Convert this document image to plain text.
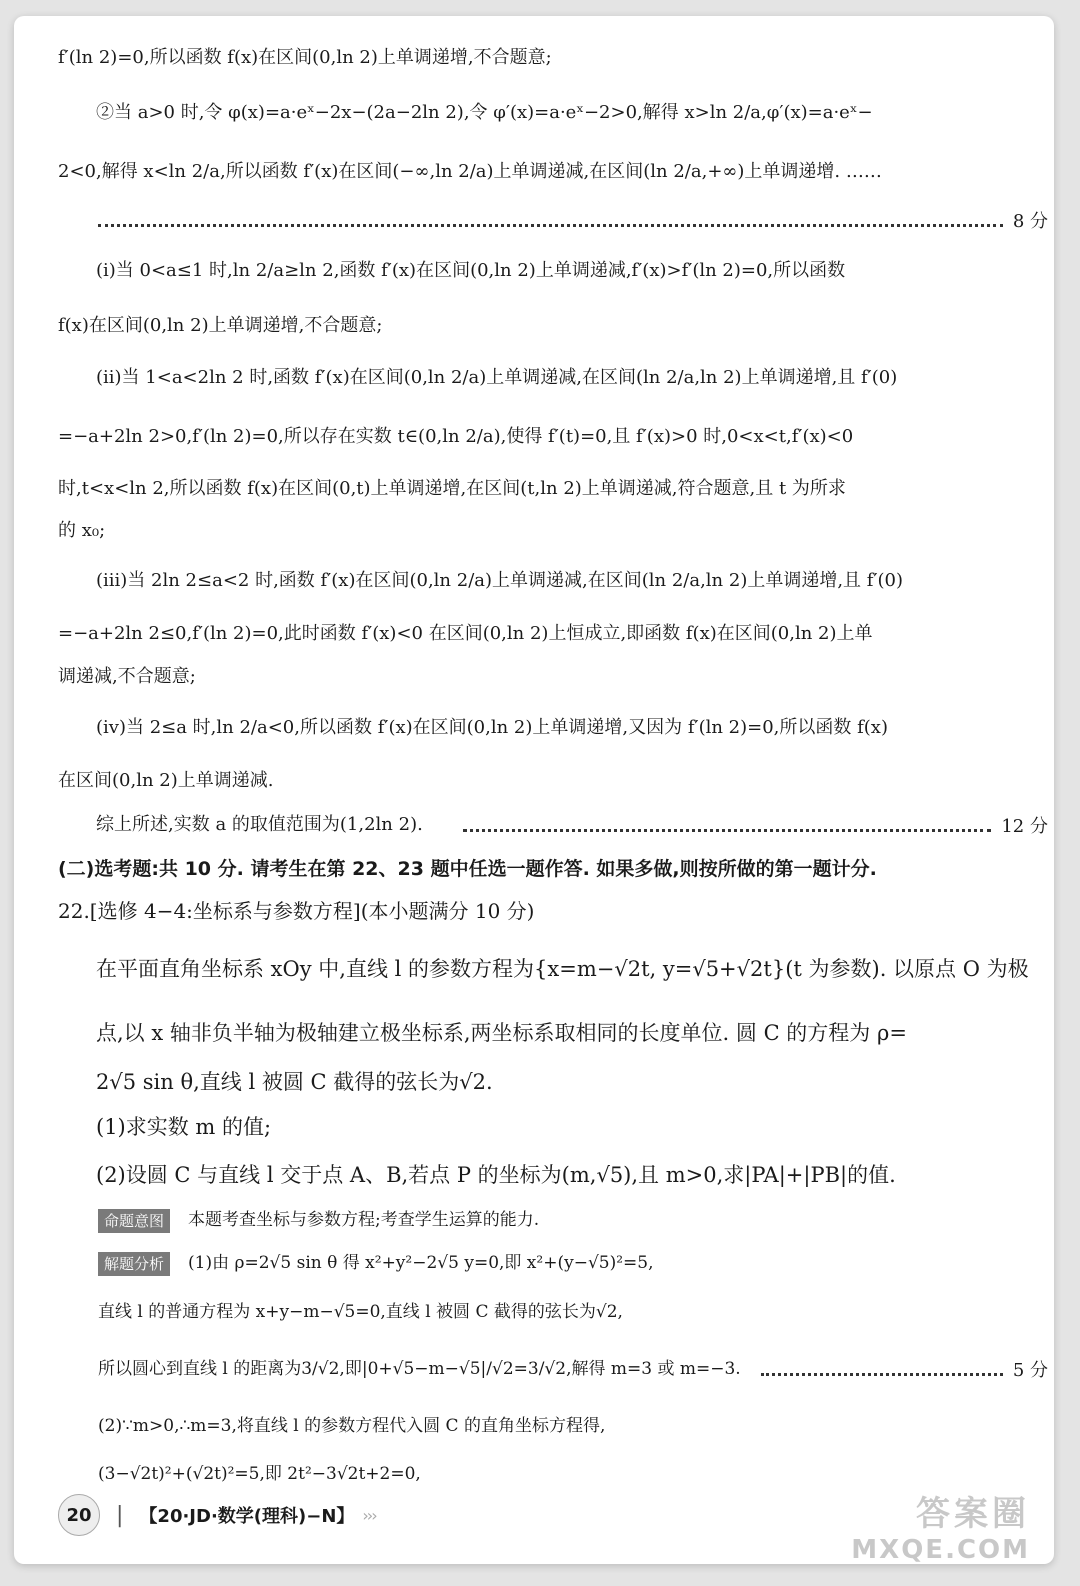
f′(ln 2)=0,所以函数 f(x)在区间(0,ln 2)上单调递增,不合题意;
②当 a>0 时,令 φ(x)=a·eˣ−2x−(2a−2ln 2),令 φ′(x)=a·eˣ−2>0,解得 x>ln 2/a,φ′(x)=a·eˣ−
2<0,解得 x<ln 2/a,所以函数 f′(x)在区间(−∞,ln 2/a)上单调递减,在区间(ln 2/a,+∞)上单调递增. ……
8 分
(ⅰ)当 0<a≤1 时,ln 2/a≥ln 2,函数 f′(x)在区间(0,ln 2)上单调递减,f′(x)>f′(ln 2)=0,所以函数
f(x)在区间(0,ln 2)上单调递增,不合题意;
(ⅱ)当 1<a<2ln 2 时,函数 f′(x)在区间(0,ln 2/a)上单调递减,在区间(ln 2/a,ln 2)上单调递增,且 f′(0)
=−a+2ln 2>0,f′(ln 2)=0,所以存在实数 t∈(0,ln 2/a),使得 f′(t)=0,且 f′(x)>0 时,0<x<t,f′(x)<0
时,t<x<ln 2,所以函数 f(x)在区间(0,t)上单调递增,在区间(t,ln 2)上单调递减,符合题意,且 t 为所求
的 x₀;
(ⅲ)当 2ln 2≤a<2 时,函数 f′(x)在区间(0,ln 2/a)上单调递减,在区间(ln 2/a,ln 2)上单调递增,且 f′(0)
=−a+2ln 2≤0,f′(ln 2)=0,此时函数 f′(x)<0 在区间(0,ln 2)上恒成立,即函数 f(x)在区间(0,ln 2)上单
调递减,不合题意;
(ⅳ)当 2≤a 时,ln 2/a<0,所以函数 f′(x)在区间(0,ln 2)上单调递增,又因为 f′(ln 2)=0,所以函数 f(x)
在区间(0,ln 2)上单调递减.
综上所述,实数 a 的取值范围为(1,2ln 2).	12 分
(二)选考题:共 10 分. 请考生在第 22、23 题中任选一题作答. 如果多做,则按所做的第一题计分.
22.[选修 4−4:坐标系与参数方程](本小题满分 10 分)
在平面直角坐标系 xOy 中,直线 l 的参数方程为{x=m−√2t, y=√5+√2t}(t 为参数). 以原点 O 为极
点,以 x 轴非负半轴为极轴建立极坐标系,两坐标系取相同的长度单位. 圆 C 的方程为 ρ=
2√5 sin θ,直线 l 被圆 C 截得的弦长为√2.
(1)求实数 m 的值;
(2)设圆 C 与直线 l 交于点 A、B,若点 P 的坐标为(m,√5),且 m>0,求|PA|+|PB|的值.
命题意图 本题考查坐标与参数方程;考查学生运算的能力.
解题分析 (1)由 ρ=2√5 sin θ 得 x²+y²−2√5 y=0,即 x²+(y−√5)²=5,
直线 l 的普通方程为 x+y−m−√5=0,直线 l 被圆 C 截得的弦长为√2,
所以圆心到直线 l 的距离为3/√2,即|0+√5−m−√5|/√2=3/√2,解得 m=3 或 m=−3.	5 分
(2)∵m>0,∴m=3,将直线 l 的参数方程代入圆 C 的直角坐标方程得,
(3−√2t)²+(√2t)²=5,即 2t²−3√2t+2=0,
20	| 【20·JD·数学(理科)−N】 ›››	答案圈
MXQE.COM
